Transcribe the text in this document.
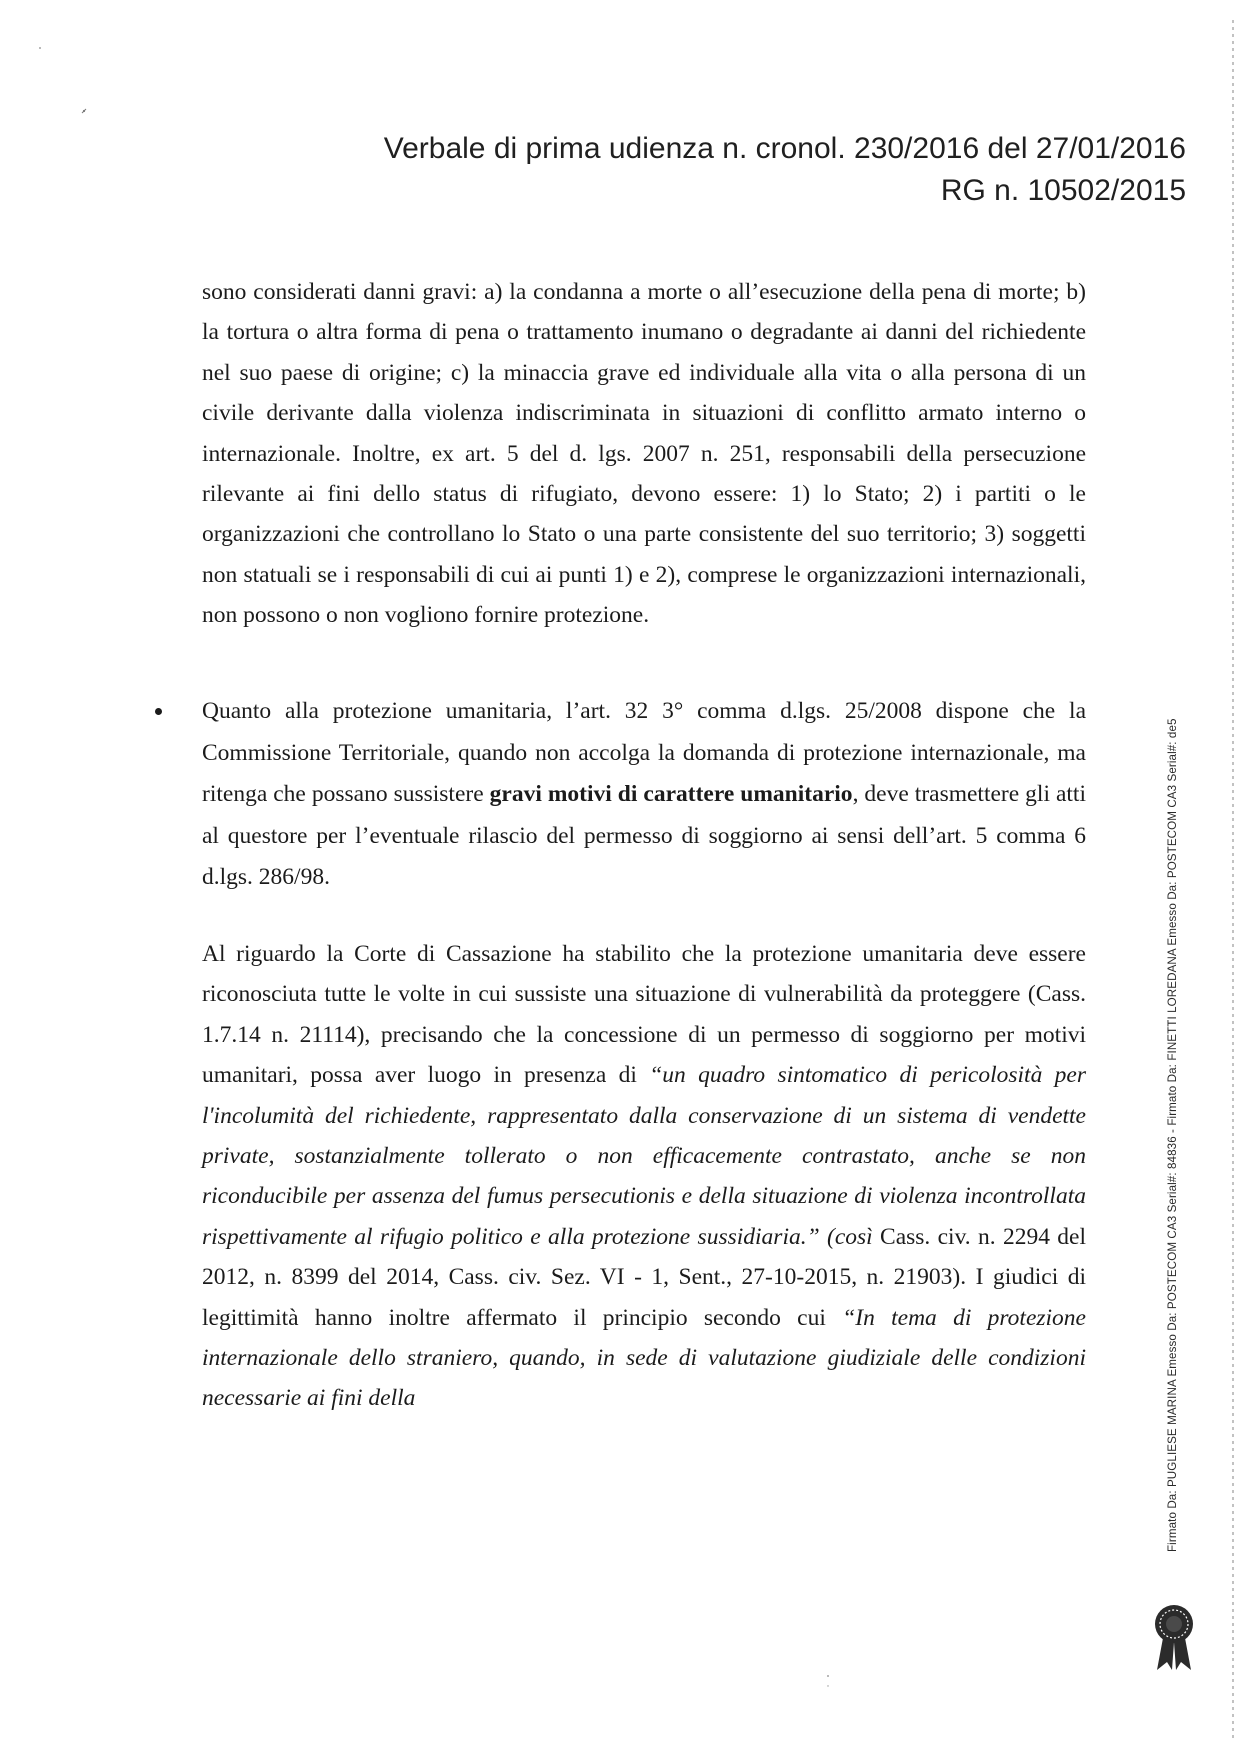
Verbale di prima udienza n. cronol. 230/2016 del 27/01/2016
RG n. 10502/2015
sono considerati danni gravi: a) la condanna a morte o all’esecuzione della pena di morte; b) la tortura o altra forma di pena o trattamento inumano o degradante ai danni del richiedente nel suo paese di origine; c) la minaccia grave ed individuale alla vita o alla persona di un civile derivante dalla violenza indiscriminata in situazioni di conflitto armato interno o internazionale. Inoltre, ex art. 5 del d. lgs. 2007 n. 251, responsabili della persecuzione rilevante ai fini dello status di rifugiato, devono essere: 1) lo Stato; 2) i partiti o le organizzazioni che controllano lo Stato o una parte consistente del suo territorio; 3) soggetti non statuali se i responsabili di cui ai punti 1) e 2), comprese le organizzazioni internazionali, non possono o non vogliono fornire protezione.
Quanto alla protezione umanitaria, l’art. 32 3° comma d.lgs. 25/2008 dispone che la Commissione Territoriale, quando non accolga la domanda di protezione internazionale, ma ritenga che possano sussistere gravi motivi di carattere umanitario, deve trasmettere gli atti al questore per l’eventuale rilascio del permesso di soggiorno ai sensi dell’art. 5 comma 6 d.lgs. 286/98.
Al riguardo la Corte di Cassazione ha stabilito che la protezione umanitaria deve essere riconosciuta tutte le volte in cui sussiste una situazione di vulnerabilità da proteggere (Cass. 1.7.14 n. 21114), precisando che la concessione di un permesso di soggiorno per motivi umanitari, possa aver luogo in presenza di “un quadro sintomatico di pericolosità per l'incolumità del richiedente, rappresentato dalla conservazione di un sistema di vendette private, sostanzialmente tollerato o non efficacemente contrastato, anche se non riconducibile per assenza del fumus persecutionis e della situazione di violenza incontrollata rispettivamente al rifugio politico e alla protezione sussidiaria.” (così Cass. civ. n. 2294 del 2012, n. 8399 del 2014, Cass. civ. Sez. VI - 1, Sent., 27-10-2015, n. 21903). I giudici di legittimità hanno inoltre affermato il principio secondo cui “In tema di protezione internazionale dello straniero, quando, in sede di valutazione giudiziale delle condizioni necessarie ai fini della	Firmato Da: PUGLIESE MARINA Emesso Da: POSTECOM CA3 Serial#: 84836 - Firmato Da: FINETTI LOREDANA Emesso Da: POSTECOM CA3 Serial#: de5
